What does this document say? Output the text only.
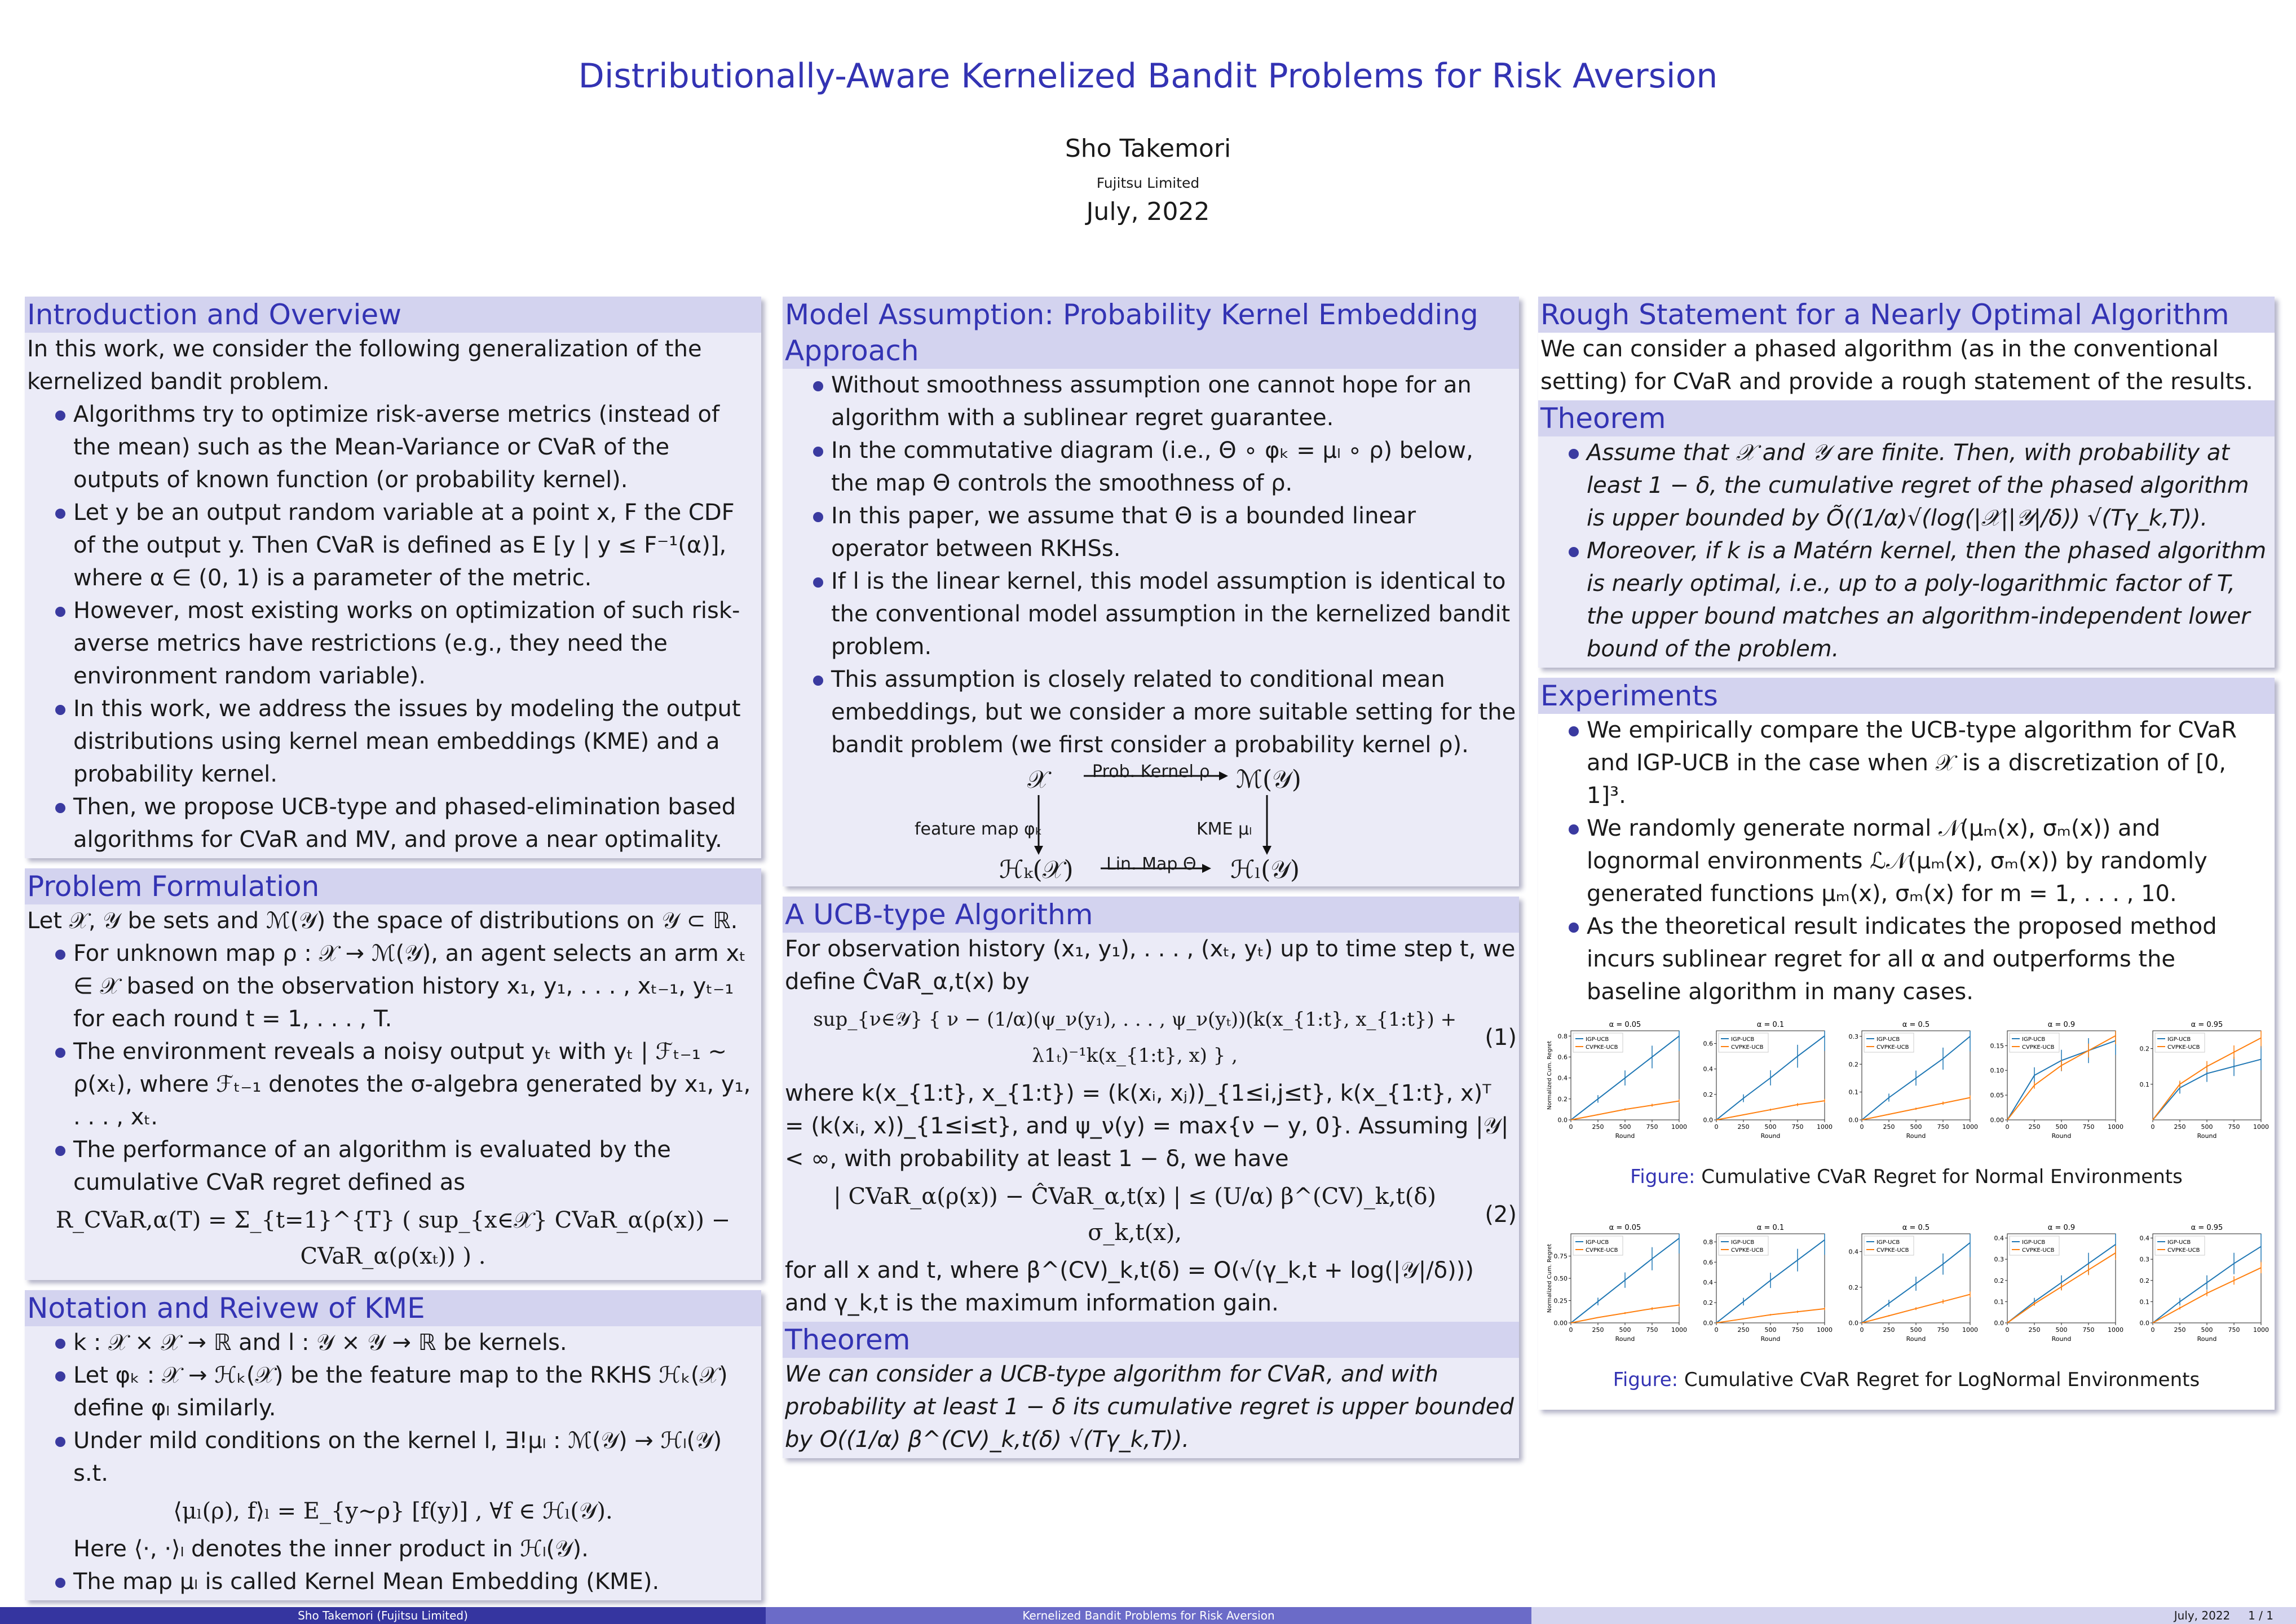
Distributionally-Aware Kernelized Bandit Problems for Risk Aversion
Sho Takemori
Fujitsu Limited
July, 2022
Introduction and Overview
In this work, we consider the following generalization of the kernelized bandit problem.
Algorithms try to optimize risk-averse metrics (instead of the mean) such as the Mean-Variance or CVaR of the outputs of known function (or probability kernel).
Let y be an output random variable at a point x, F the CDF of the output y. Then CVaR is defined as E [y | y ≤ F⁻¹(α)], where α ∈ (0, 1) is a parameter of the metric.
However, most existing works on optimization of such risk-averse metrics have restrictions (e.g., they need the environment random variable).
In this work, we address the issues by modeling the output distributions using kernel mean embeddings (KME) and a probability kernel.
Then, we propose UCB-type and phased-elimination based algorithms for CVaR and MV, and prove a near optimality.
Problem Formulation
Let 𝒳, 𝒴 be sets and ℳ(𝒴) the space of distributions on 𝒴 ⊂ ℝ.
For unknown map ρ : 𝒳 → ℳ(𝒴), an agent selects an arm xₜ ∈ 𝒳 based on the observation history x₁, y₁, . . . , xₜ₋₁, yₜ₋₁ for each round t = 1, . . . , T.
The environment reveals a noisy output yₜ with yₜ | ℱₜ₋₁ ∼ ρ(xₜ), where ℱₜ₋₁ denotes the σ-algebra generated by x₁, y₁, . . . , xₜ.
The performance of an algorithm is evaluated by the cumulative CVaR regret defined as
R_CVaR,α(T) = Σ_{t=1}^{T} ( sup_{x∈𝒳} CVaR_α(ρ(x)) − CVaR_α(ρ(xₜ)) ) .
Notation and Reivew of KME
k : 𝒳 × 𝒳 → ℝ and l : 𝒴 × 𝒴 → ℝ be kernels.
Let φₖ : 𝒳 → ℋₖ(𝒳) be the feature map to the RKHS ℋₖ(𝒳) define φₗ similarly.
Under mild conditions on the kernel l, ∃!μₗ : ℳ(𝒴) → ℋₗ(𝒴) s.t.
⟨μₗ(ρ), f⟩ₗ = E_{y∼ρ} [f(y)] , ∀f ∈ ℋₗ(𝒴).
Here ⟨·, ·⟩ₗ denotes the inner product in ℋₗ(𝒴).
The map μₗ is called Kernel Mean Embedding (KME).
Model Assumption: Probability Kernel Embedding Approach
Without smoothness assumption one cannot hope for an algorithm with a sublinear regret guarantee.
In the commutative diagram (i.e., Θ ∘ φₖ = μₗ ∘ ρ) below, the map Θ controls the smoothness of ρ.
In this paper, we assume that Θ is a bounded linear operator between RKHSs.
If l is the linear kernel, this model assumption is identical to the conventional model assumption in the kernelized bandit problem.
This assumption is closely related to conditional mean embeddings, but we consider a more suitable setting for the bandit problem (we first consider a probability kernel ρ).
𝒳	ℳ(𝒴)
ℋₖ(𝒳)	ℋₗ(𝒴)
Prob. Kernel ρ
feature map φₖ	KME μₗ
Lin. Map Θ
A UCB-type Algorithm
For observation history (x₁, y₁), . . . , (xₜ, yₜ) up to time step t, we define ĈVaR_α,t(x) by
sup_{ν∈𝒴} { ν − (1/α)(ψ_ν(y₁), . . . , ψ_ν(yₜ))(k(x_{1:t}, x_{1:t}) + λ1ₜ)⁻¹k(x_{1:t}, x) } ,
(1)
where k(x_{1:t}, x_{1:t}) = (k(xᵢ, xⱼ))_{1≤i,j≤t}, k(x_{1:t}, x)ᵀ = (k(xᵢ, x))_{1≤i≤t}, and ψ_ν(y) = max{ν − y, 0}. Assuming |𝒴| < ∞, with probability at least 1 − δ, we have
| CVaR_α(ρ(x)) − ĈVaR_α,t(x) | ≤ (U/α) β^(CV)_k,t(δ) σ_k,t(x),
(2)
for all x and t, where β^(CV)_k,t(δ) = O(√(γ_k,t + log(|𝒴|/δ))) and γ_k,t is the maximum information gain.
Theorem
We can consider a UCB-type algorithm for CVaR, and with probability at least 1 − δ its cumulative regret is upper bounded by O((1/α) β^(CV)_k,t(δ) √(Tγ_k,T)).
Rough Statement for a Nearly Optimal Algorithm
We can consider a phased algorithm (as in the conventional setting) for CVaR and provide a rough statement of the results.
Theorem
Assume that 𝒳 and 𝒴 are finite. Then, with probability at least 1 − δ, the cumulative regret of the phased algorithm is upper bounded by Õ((1/α)√(log(|𝒳||𝒴|/δ)) √(Tγ_k,T)).
Moreover, if k is a Matérn kernel, then the phased algorithm is nearly optimal, i.e., up to a poly-logarithmic factor of T, the upper bound matches an algorithm-independent lower bound of the problem.
Experiments
We empirically compare the UCB-type algorithm for CVaR and IGP-UCB in the case when 𝒳 is a discretization of [0, 1]³.
We randomly generate normal 𝒩(μₘ(x), σₘ(x)) and lognormal environments ℒ𝒩(μₘ(x), σₘ(x)) by randomly generated functions μₘ(x), σₘ(x) for m = 1, . . . , 10.
As the theoretical result indicates the proposed method incurs sublinear regret for all α and outperforms the baseline algorithm in many cases.
α = 0.05
0	250 500 750 1000
0.0
0.2
0.4
0.6
0.8
Round
Normalized Cum. Regret
IGP-UCB
CVPKE-UCB
α = 0.1
0	250 500 750 1000
0.0
0.2
0.4
0.6
Round
IGP-UCB
CVPKE-UCB
α = 0.5
0	250 500 750 1000
0.0
0.1
0.2
0.3
Round
IGP-UCB
CVPKE-UCB
α = 0.9
0	250 500 750 1000
0.00
0.05
0.10
0.15
Round
IGP-UCB
CVPKE-UCB
α = 0.95
0	250 500 750 1000
0.1
0.2
Round
IGP-UCB
CVPKE-UCB
Figure: Cumulative CVaR Regret for Normal Environments
α = 0.05
0	250 500 750 1000
0.00
0.25
0.50
0.75
Round
Normalized Cum. Regret
IGP-UCB
CVPKE-UCB
α = 0.1
0	250 500 750 1000
0.0
0.2
0.4
0.6
0.8
Round
IGP-UCB
CVPKE-UCB
α = 0.5
0	250 500 750 1000
0.0
0.2
0.4
Round
IGP-UCB
CVPKE-UCB
α = 0.9
0	250 500 750 1000
0.0
0.1
0.2
0.3
0.4
Round
IGP-UCB
CVPKE-UCB
α = 0.95
0	250 500 750 1000
0.0
0.1
0.2
0.3
0.4
Round
IGP-UCB
CVPKE-UCB
Figure: Cumulative CVaR Regret for LogNormal Environments
Sho Takemori (Fujitsu Limited)	Kernelized Bandit Problems for Risk Aversion	July, 2022 1 / 1
